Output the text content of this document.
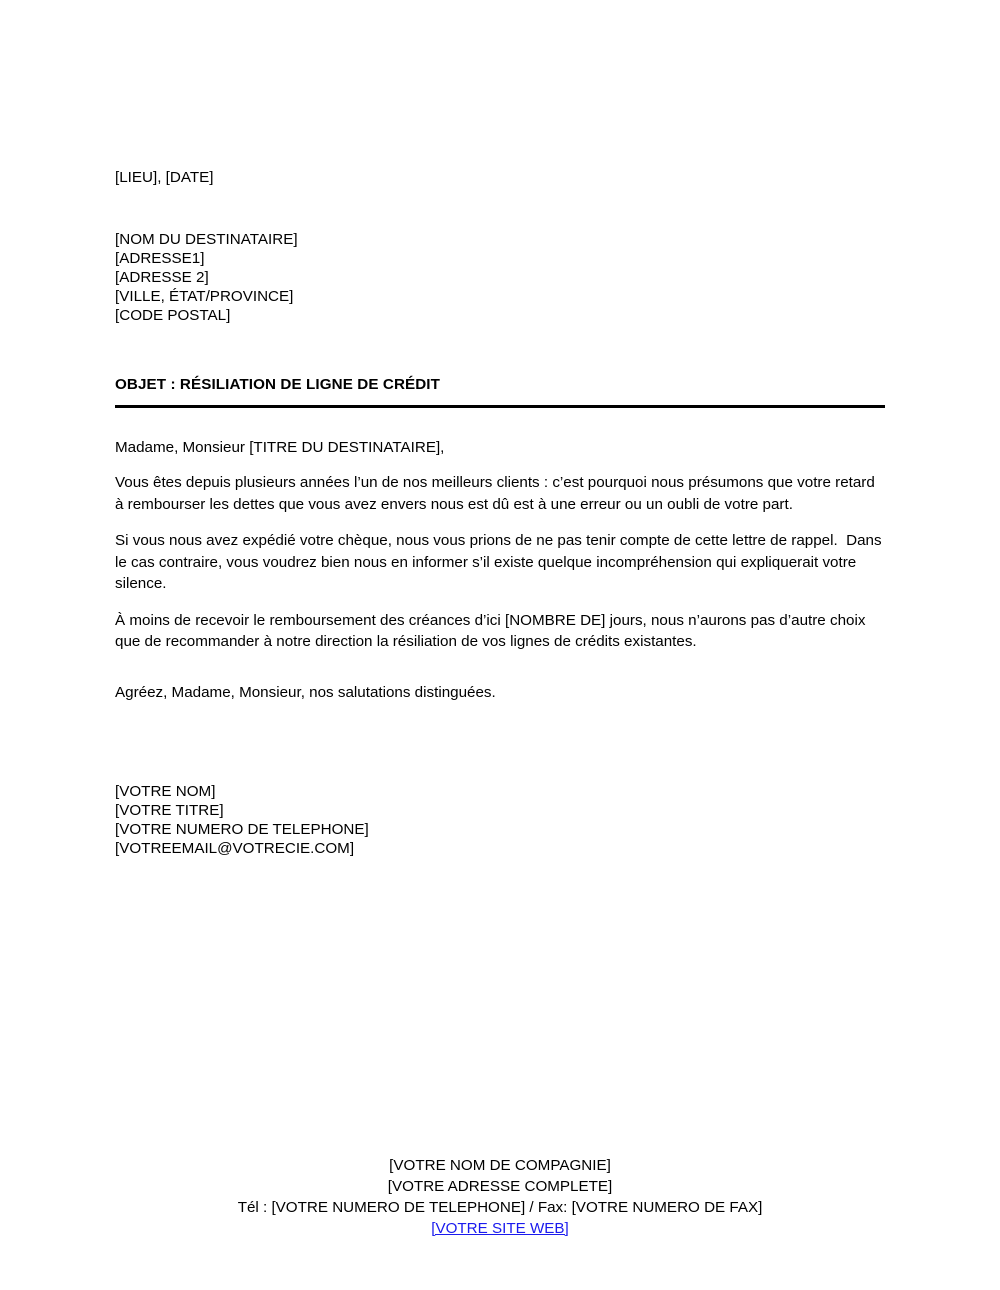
[LIEU], [DATE]
[NOM DU DESTINATAIRE]
[ADRESSE1]
[ADRESSE 2]
[VILLE, ÉTAT/PROVINCE]
[CODE POSTAL]
OBJET : RÉSILIATION DE LIGNE DE CRÉDIT
Madame, Monsieur [TITRE DU DESTINATAIRE],

Vous êtes depuis plusieurs années l’un de nos meilleurs clients : c’est pourquoi nous présumons que votre retard à rembourser les dettes que vous avez envers nous est dû est à une erreur ou un oubli de votre part.

Si vous nous avez expédié votre chèque, nous vous prions de ne pas tenir compte de cette lettre de rappel.  Dans le cas contraire, vous voudrez bien nous en informer s’il existe quelque incompréhension qui expliquerait votre silence.

À moins de recevoir le remboursement des créances d’ici [NOMBRE DE] jours, nous n’aurons pas d’autre choix que de recommander à notre direction la résiliation de vos lignes de crédits existantes.

Agréez, Madame, Monsieur, nos salutations distinguées.
[VOTRE NOM]
[VOTRE TITRE]
[VOTRE NUMERO DE TELEPHONE]
[VOTREEMAIL@VOTRECIE.COM]
[VOTRE NOM DE COMPAGNIE]
[VOTRE ADRESSE COMPLETE]
Tél : [VOTRE NUMERO DE TELEPHONE] / Fax: [VOTRE NUMERO DE FAX]
[VOTRE SITE WEB]
